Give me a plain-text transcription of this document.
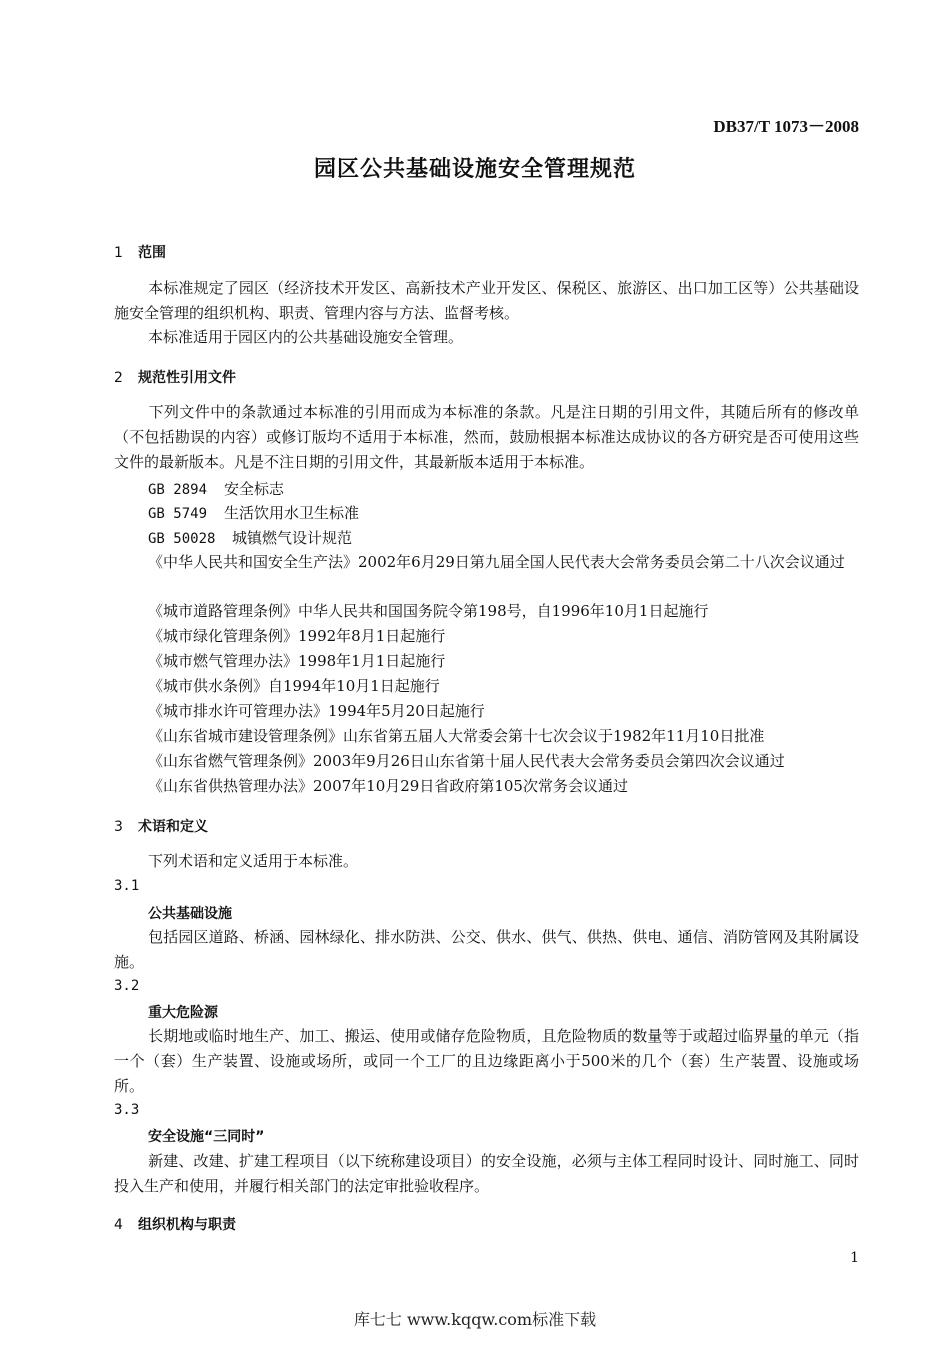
DB37/T 1073－2008
园区公共基础设施安全管理规范
1 范围
本标准规定了园区（经济技术开发区、高新技术产业开发区、保税区、旅游区、出口加工区等）公共基础设施安全管理的组织机构、职责、管理内容与方法、监督考核。
本标准适用于园区内的公共基础设施安全管理。
2 规范性引用文件
下列文件中的条款通过本标准的引用而成为本标准的条款。凡是注日期的引用文件，其随后所有的修改单（不包括勘误的内容）或修订版均不适用于本标准，然而，鼓励根据本标准达成协议的各方研究是否可使用这些文件的最新版本。凡是不注日期的引用文件，其最新版本适用于本标准。
GB 2894 安全标志
GB 5749 生活饮用水卫生标准
GB 50028 城镇燃气设计规范
《中华人民共和国安全生产法》2002年6月29日第九届全国人民代表大会常务委员会第二十八次会议通过
《城市道路管理条例》中华人民共和国国务院令第198号，自1996年10月1日起施行
《城市绿化管理条例》1992年8月1日起施行
《城市燃气管理办法》1998年1月1日起施行
《城市供水条例》自1994年10月1日起施行
《城市排水许可管理办法》1994年5月20日起施行
《山东省城市建设管理条例》山东省第五届人大常委会第十七次会议于1982年11月10日批准
《山东省燃气管理条例》2003年9月26日山东省第十届人民代表大会常务委员会第四次会议通过
《山东省供热管理办法》2007年10月29日省政府第105次常务会议通过
3 术语和定义
下列术语和定义适用于本标准。
3.1
公共基础设施
包括园区道路、桥涵、园林绿化、排水防洪、公交、供水、供气、供热、供电、通信、消防管网及其附属设施。
3.2
重大危险源
长期地或临时地生产、加工、搬运、使用或储存危险物质，且危险物质的数量等于或超过临界量的单元（指一个（套）生产装置、设施或场所，或同一个工厂的且边缘距离小于500米的几个（套）生产装置、设施或场所。
3.3
安全设施“三同时”
新建、改建、扩建工程项目（以下统称建设项目）的安全设施，必须与主体工程同时设计、同时施工、同时投入生产和使用，并履行相关部门的法定审批验收程序。
4 组织机构与职责
1
库七七 www.kqqw.com标准下载
